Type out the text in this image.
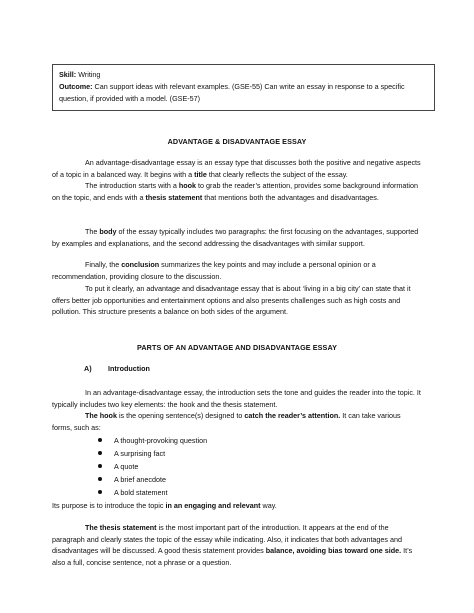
Skill: Writing
Outcome: Can support ideas with relevant examples. (GSE-55) Can write an essay in response to a specific question, if provided with a model. (GSE-57)
ADVANTAGE & DISADVANTAGE ESSAY
An advantage-disadvantage essay is an essay type that discusses both the positive and negative aspects of a topic in a balanced way. It begins with a title that clearly reflects the subject of the essay.
The introduction starts with a hook to grab the reader’s attention, provides some background information on the topic, and ends with a thesis statement that mentions both the advantages and disadvantages.
The body of the essay typically includes two paragraphs: the first focusing on the advantages, supported by examples and explanations, and the second addressing the disadvantages with similar support.
Finally, the conclusion summarizes the key points and may include a personal opinion or a recommendation, providing closure to the discussion.
To put it clearly, an advantage and disadvantage essay that is about ‘living in a big city’ can state that it offers better job opportunities and entertainment options and also presents challenges such as high costs and pollution. This structure presents a balance on both sides of the argument.
PARTS OF AN ADVANTAGE AND DISADVANTAGE ESSAY
A) Introduction
In an advantage-disadvantage essay, the introduction sets the tone and guides the reader into the topic. It typically includes two key elements: the hook and the thesis statement.
The hook is the opening sentence(s) designed to catch the reader’s attention. It can take various forms, such as:
A thought-provoking question
A surprising fact
A quote
A brief anecdote
A bold statement
Its purpose is to introduce the topic in an engaging and relevant way.
The thesis statement is the most important part of the introduction. It appears at the end of the paragraph and clearly states the topic of the essay while indicating. Also, it indicates that both advantages and disadvantages will be discussed. A good thesis statement provides balance, avoiding bias toward one side. It’s also a full, concise sentence, not a phrase or a question.
